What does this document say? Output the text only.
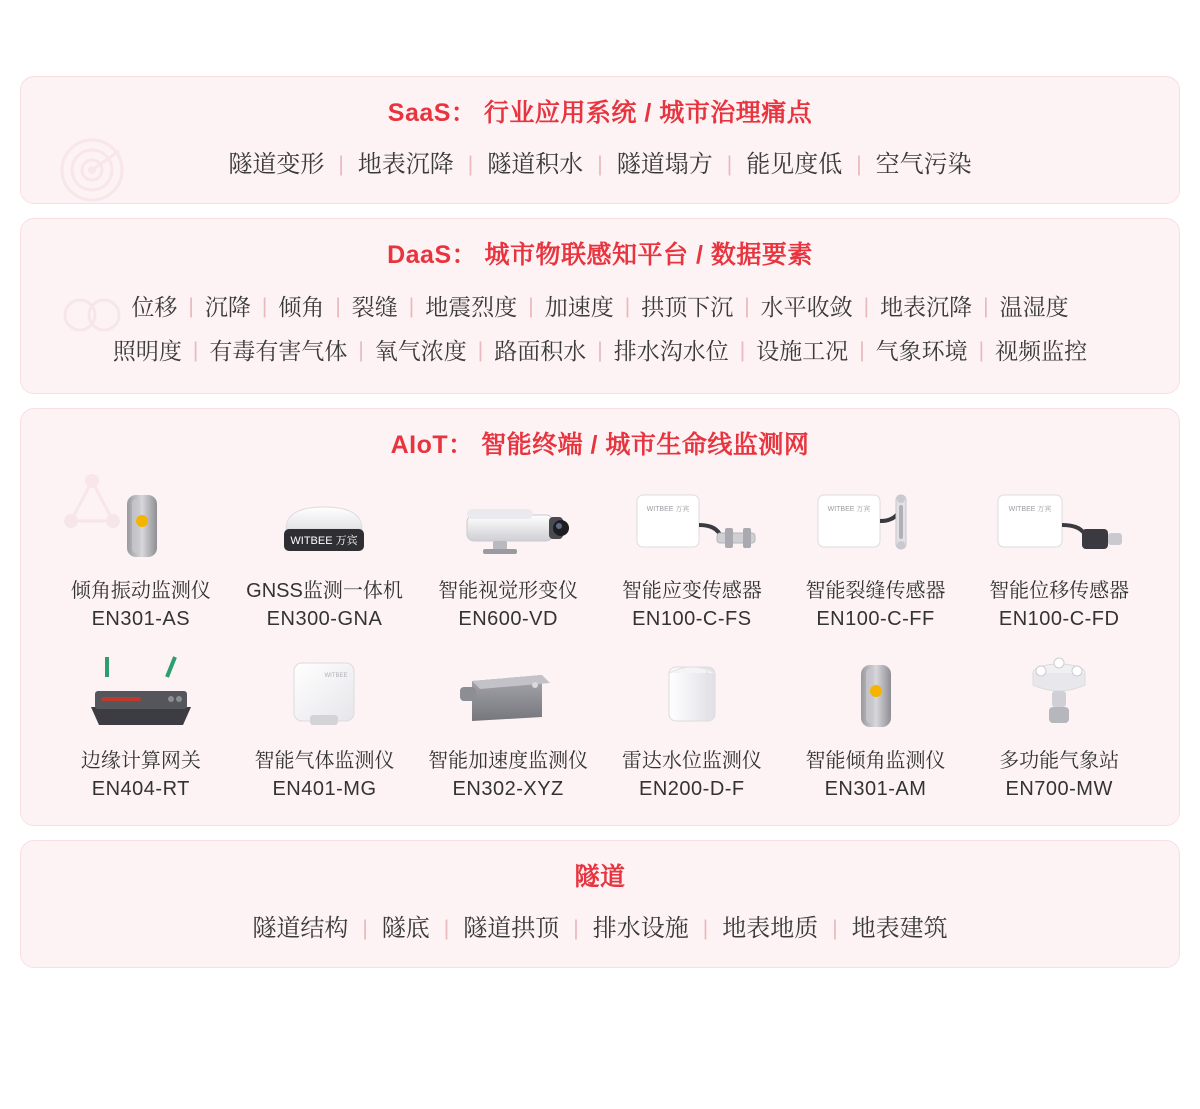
SaaS： 行业应用系统 / 城市治理痛点
隧道变形 | 地表沉降 | 隧道积水 | 隧道塌方 | 能见度低 | 空气污染
DaaS： 城市物联感知平台 / 数据要素
位移 | 沉降 | 倾角 | 裂缝 | 地震烈度 | 加速度 | 拱顶下沉 | 水平收敛 | 地表沉降 | 温湿度
照明度 | 有毒有害气体 | 氧气浓度 | 路面积水 | 排水沟水位 | 设施工况 | 气象环境 | 视频监控
AIoT： 智能终端 / 城市生命线监测网
倾角振动监测仪
EN301-AS
WITBEE 万宾
GNSS监测一体机
EN300-GNA
智能视觉形变仪
EN600-VD
WITBEE 万宾
智能应变传感器
EN100-C-FS
WITBEE 万宾
智能裂缝传感器
EN100-C-FF
WITBEE 万宾
智能位移传感器
EN100-C-FD
边缘计算网关
EN404-RT
WITBEE
智能气体监测仪
EN401-MG
智能加速度监测仪
EN302-XYZ
雷达水位监测仪
EN200-D-F
智能倾角监测仪
EN301-AM
多功能气象站
EN700-MW
隧道
隧道结构 | 隧底 | 隧道拱顶 | 排水设施 | 地表地质 | 地表建筑
